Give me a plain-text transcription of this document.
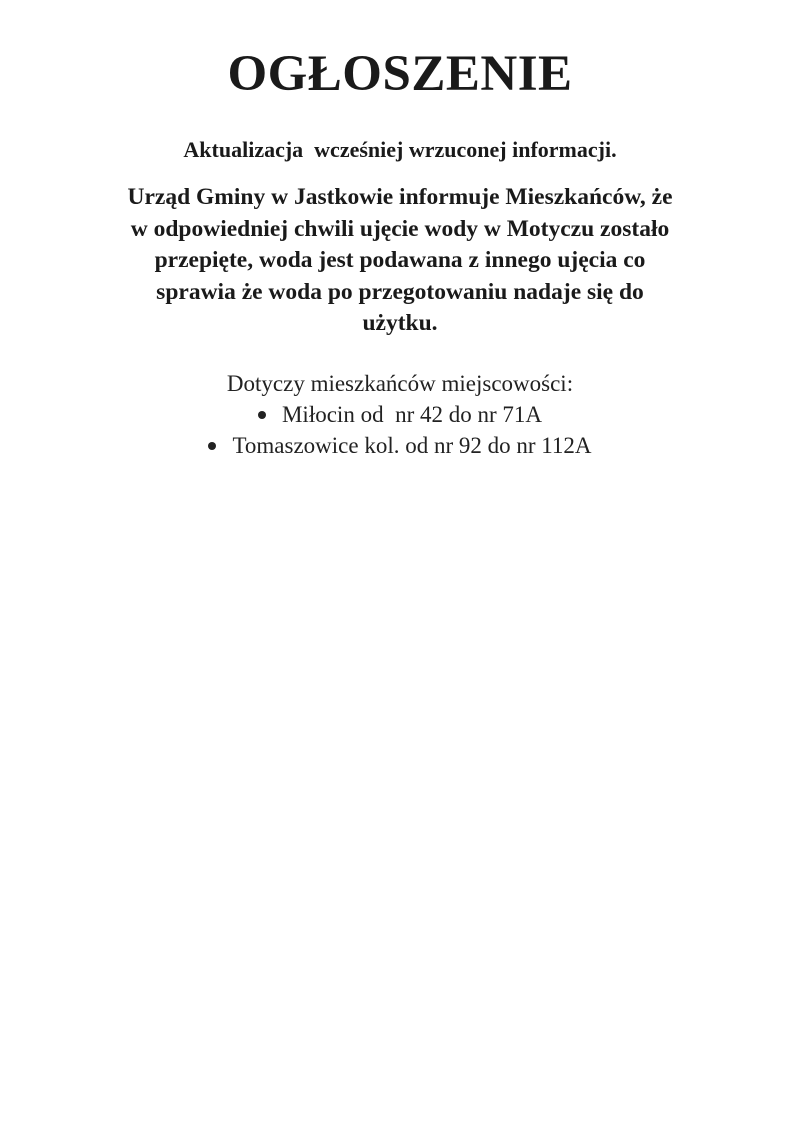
OGŁOSZENIE

Aktualizacja  wcześniej wrzuconej informacji.

Urząd Gminy w Jastkowie informuje Mieszkańców, że
w odpowiedniej chwili ujęcie wody w Motyczu zostało
przepięte, woda jest podawana z innego ujęcia co
sprawia że woda po przegotowaniu nadaje się do
użytku.

Dotyczy mieszkańców miejscowości:

Miłocin od  nr 42 do nr 71A
Tomaszowice kol. od nr 92 do nr 112A
